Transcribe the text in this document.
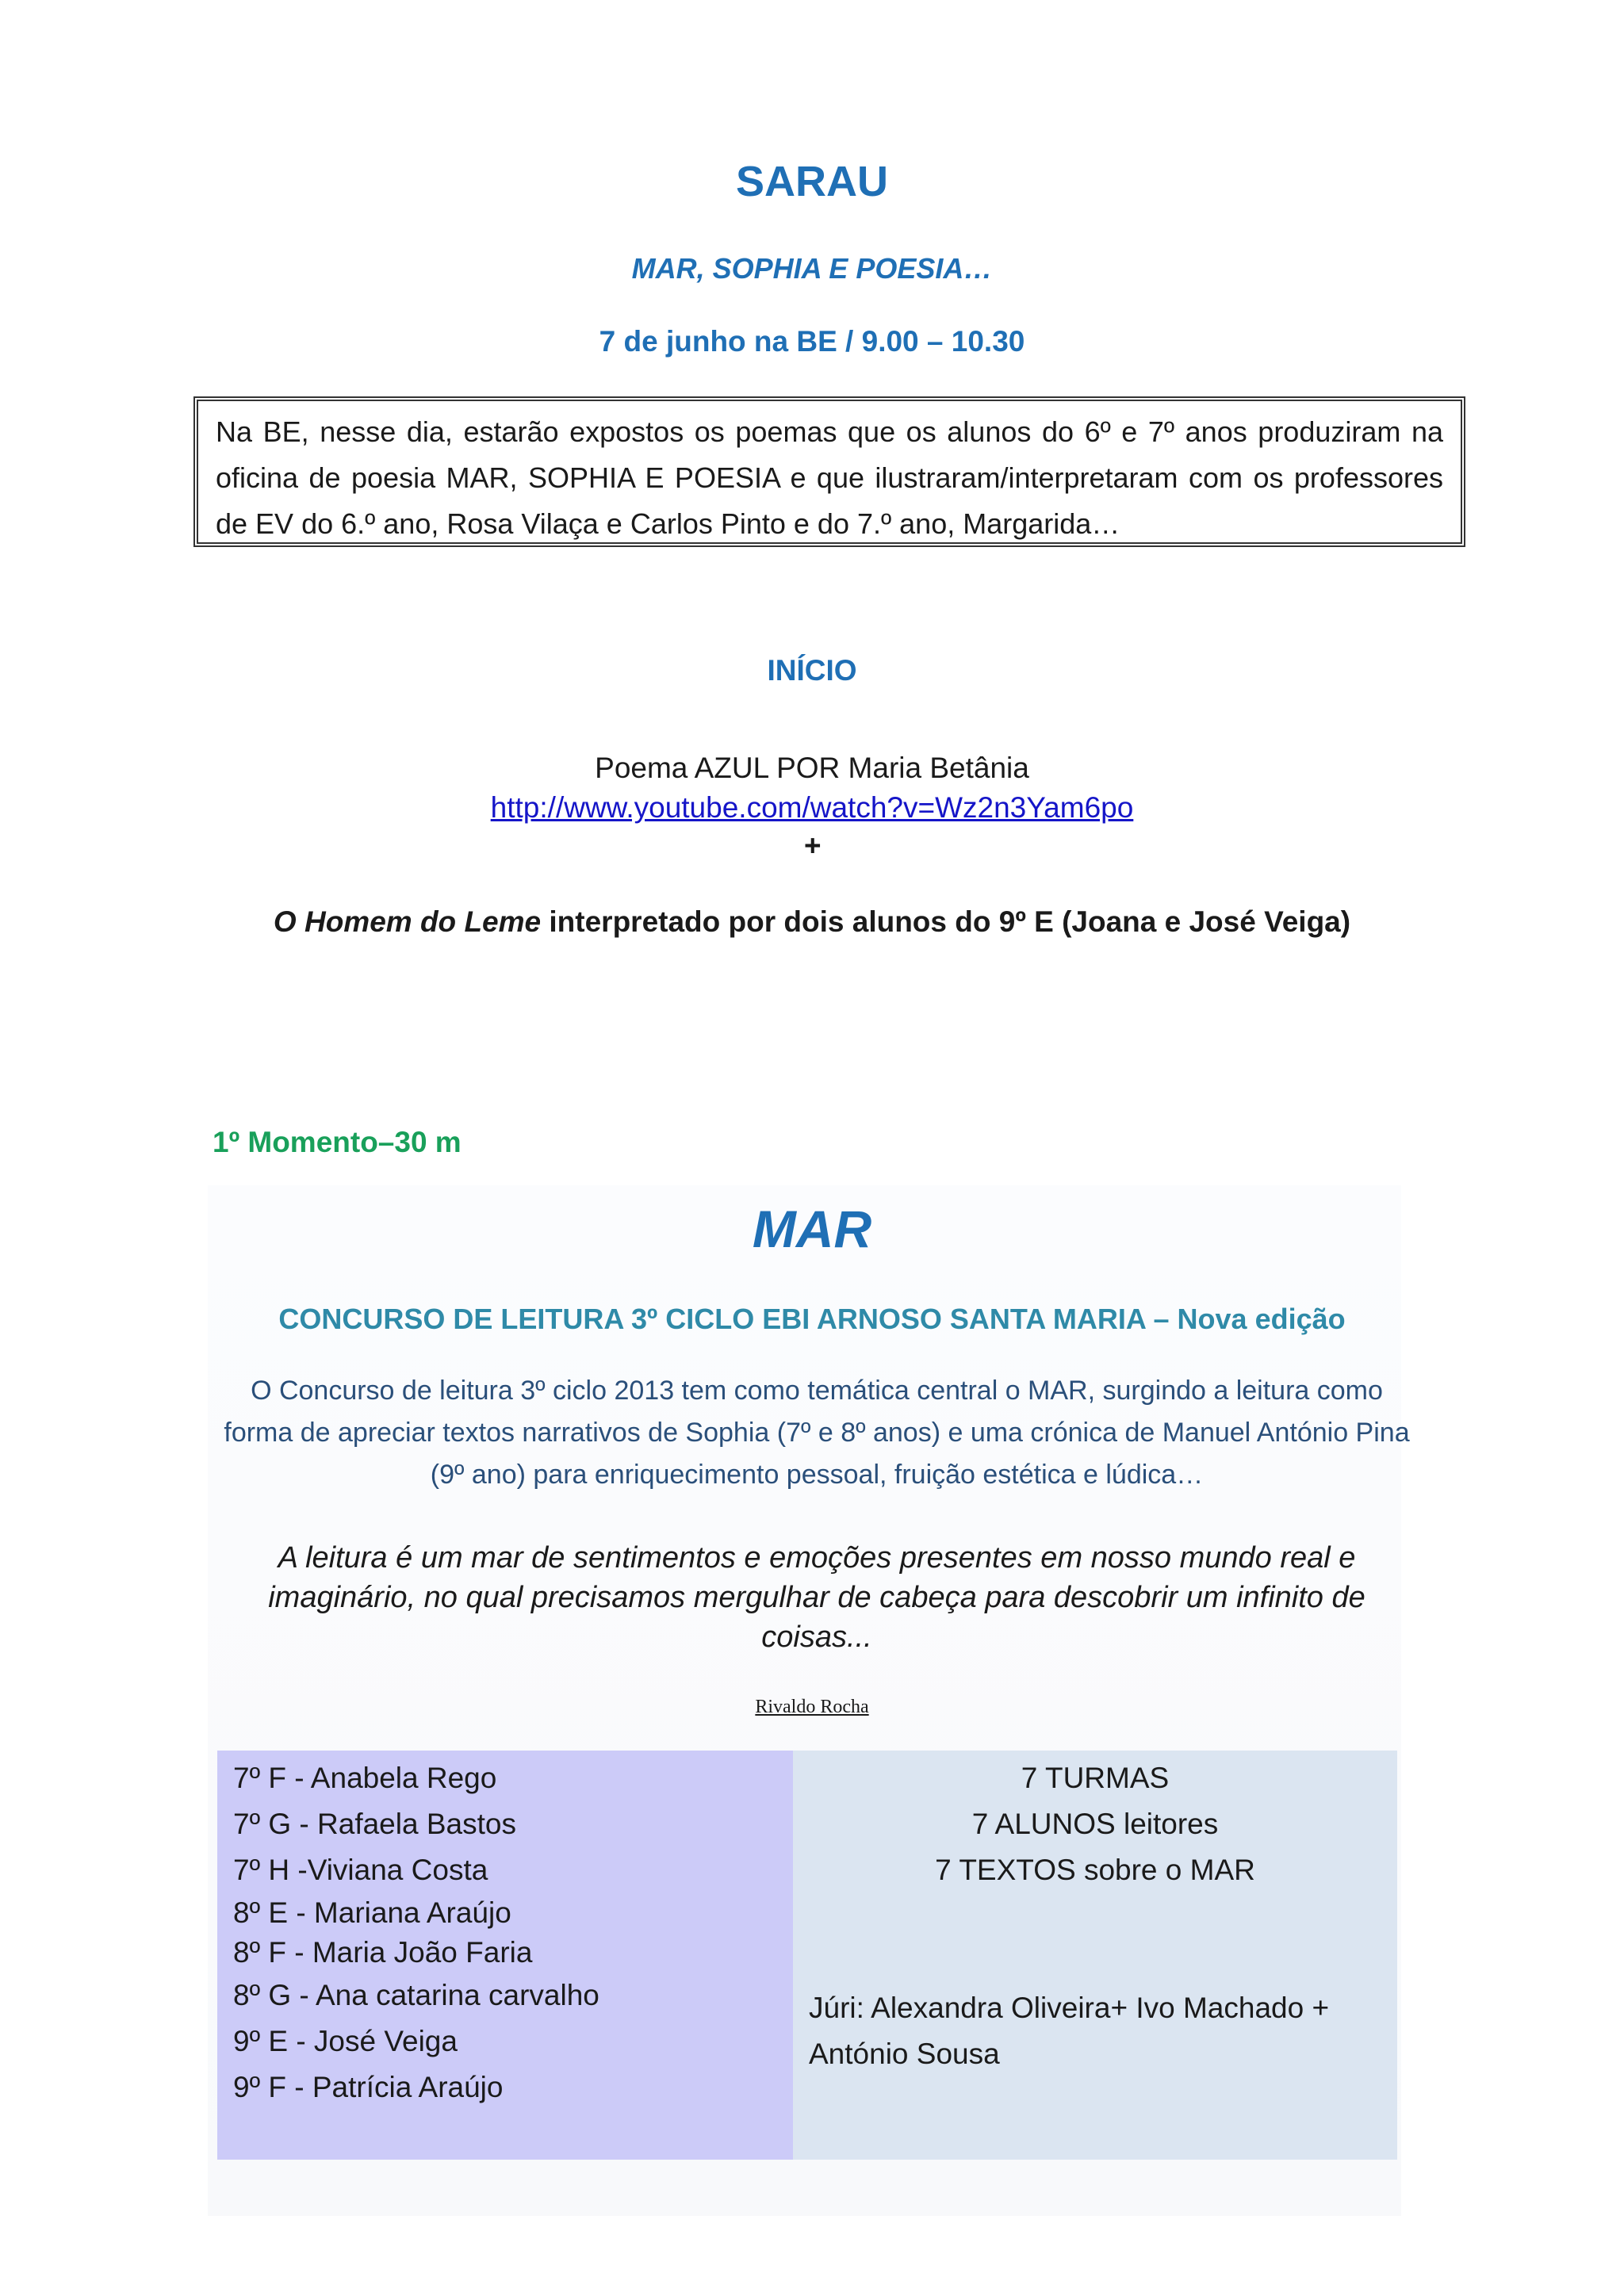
SARAU
MAR, SOPHIA E POESIA…
7 de junho na BE / 9.00 – 10.30
Na BE, nesse dia, estarão expostos os poemas que os alunos do 6º e 7º anos produziram na oficina de poesia MAR, SOPHIA E POESIA e que ilustraram/interpretaram com os professores de EV do 6.º ano, Rosa Vilaça e Carlos Pinto e do 7.º ano, Margarida…
INÍCIO
Poema AZUL POR Maria Betânia
http://www.youtube.com/watch?v=Wz2n3Yam6po
+
O Homem do Leme interpretado por dois alunos do 9º E (Joana e José Veiga)
1º Momento–30 m
MAR
CONCURSO DE LEITURA 3º CICLO EBI ARNOSO SANTA MARIA – Nova edição
O Concurso de leitura 3º ciclo 2013 tem como temática central o MAR, surgindo a leitura como forma de apreciar textos narrativos de Sophia (7º e 8º anos) e uma crónica de Manuel António Pina (9º ano) para enriquecimento pessoal, fruição estética e lúdica…
A leitura é um mar de sentimentos e emoções presentes em nosso mundo real e imaginário, no qual precisamos mergulhar de cabeça para descobrir um infinito de coisas...
Rivaldo Rocha
7º F - Anabela Rego
7º G - Rafaela Bastos
7º H -Viviana Costa
8º E - Mariana Araújo
8º F - Maria João Faria
8º G - Ana catarina carvalho
9º E - José Veiga
9º F - Patrícia Araújo
7 TURMAS
7 ALUNOS leitores
7 TEXTOS sobre o MAR
Júri: Alexandra Oliveira+ Ivo Machado + António Sousa
